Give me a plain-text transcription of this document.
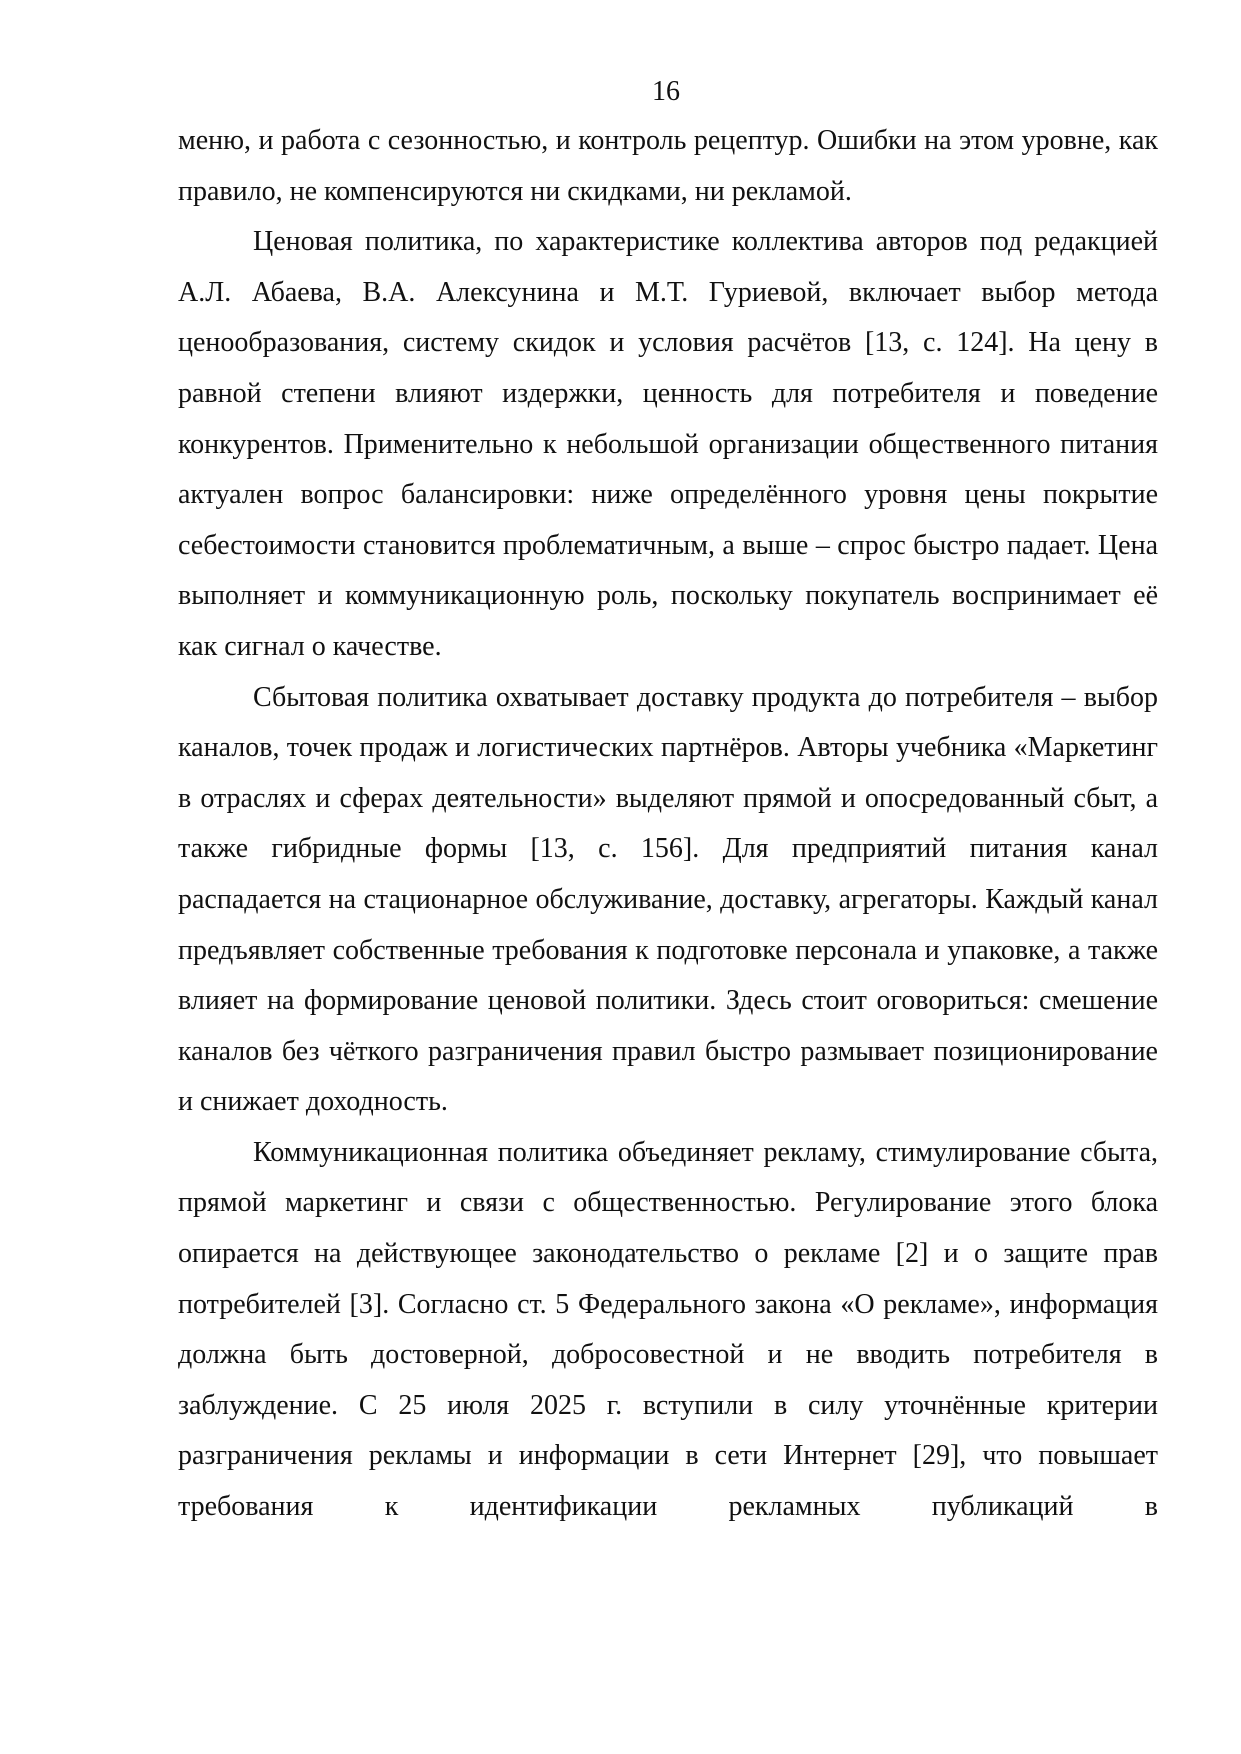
16

меню, и работа с сезонностью, и контроль рецептур. Ошибки на этом уровне, как правило, не компенсируются ни скидками, ни рекламой.

Ценовая политика, по характеристике коллектива авторов под редакцией А.Л. Абаева, В.А. Алексунина и М.Т. Гуриевой, включает выбор метода ценообразования, систему скидок и условия расчётов [13, с. 124]. На цену в равной степени влияют издержки, ценность для потребителя и поведение конкурентов. Применительно к небольшой организации общественного питания актуален вопрос балансировки: ниже определённого уровня цены покрытие себестоимости становится проблематичным, а выше – спрос быстро падает. Цена выполняет и коммуникационную роль, поскольку покупатель воспринимает её как сигнал о качестве.

Сбытовая политика охватывает доставку продукта до потребителя – выбор каналов, точек продаж и логистических партнёров. Авторы учебника «Маркетинг в отраслях и сферах деятельности» выделяют прямой и опосредованный сбыт, а также гибридные формы [13, с. 156]. Для предприятий питания канал распадается на стационарное обслуживание, доставку, агрегаторы. Каждый канал предъявляет собственные требования к подготовке персонала и упаковке, а также влияет на формирование ценовой политики. Здесь стоит оговориться: смешение каналов без чёткого разграничения правил быстро размывает позиционирование и снижает доходность.

Коммуникационная политика объединяет рекламу, стимулирование сбыта, прямой маркетинг и связи с общественностью. Регулирование этого блока опирается на действующее законодательство о рекламе [2] и о защите прав потребителей [3]. Согласно ст. 5 Федерального закона «О рекламе», информация должна быть достоверной, добросовестной и не вводить потребителя в заблуждение. С 25 июля 2025 г. вступили в силу уточнённые критерии разграничения рекламы и информации в сети Интернет [29], что повышает требования к идентификации рекламных публикаций в
